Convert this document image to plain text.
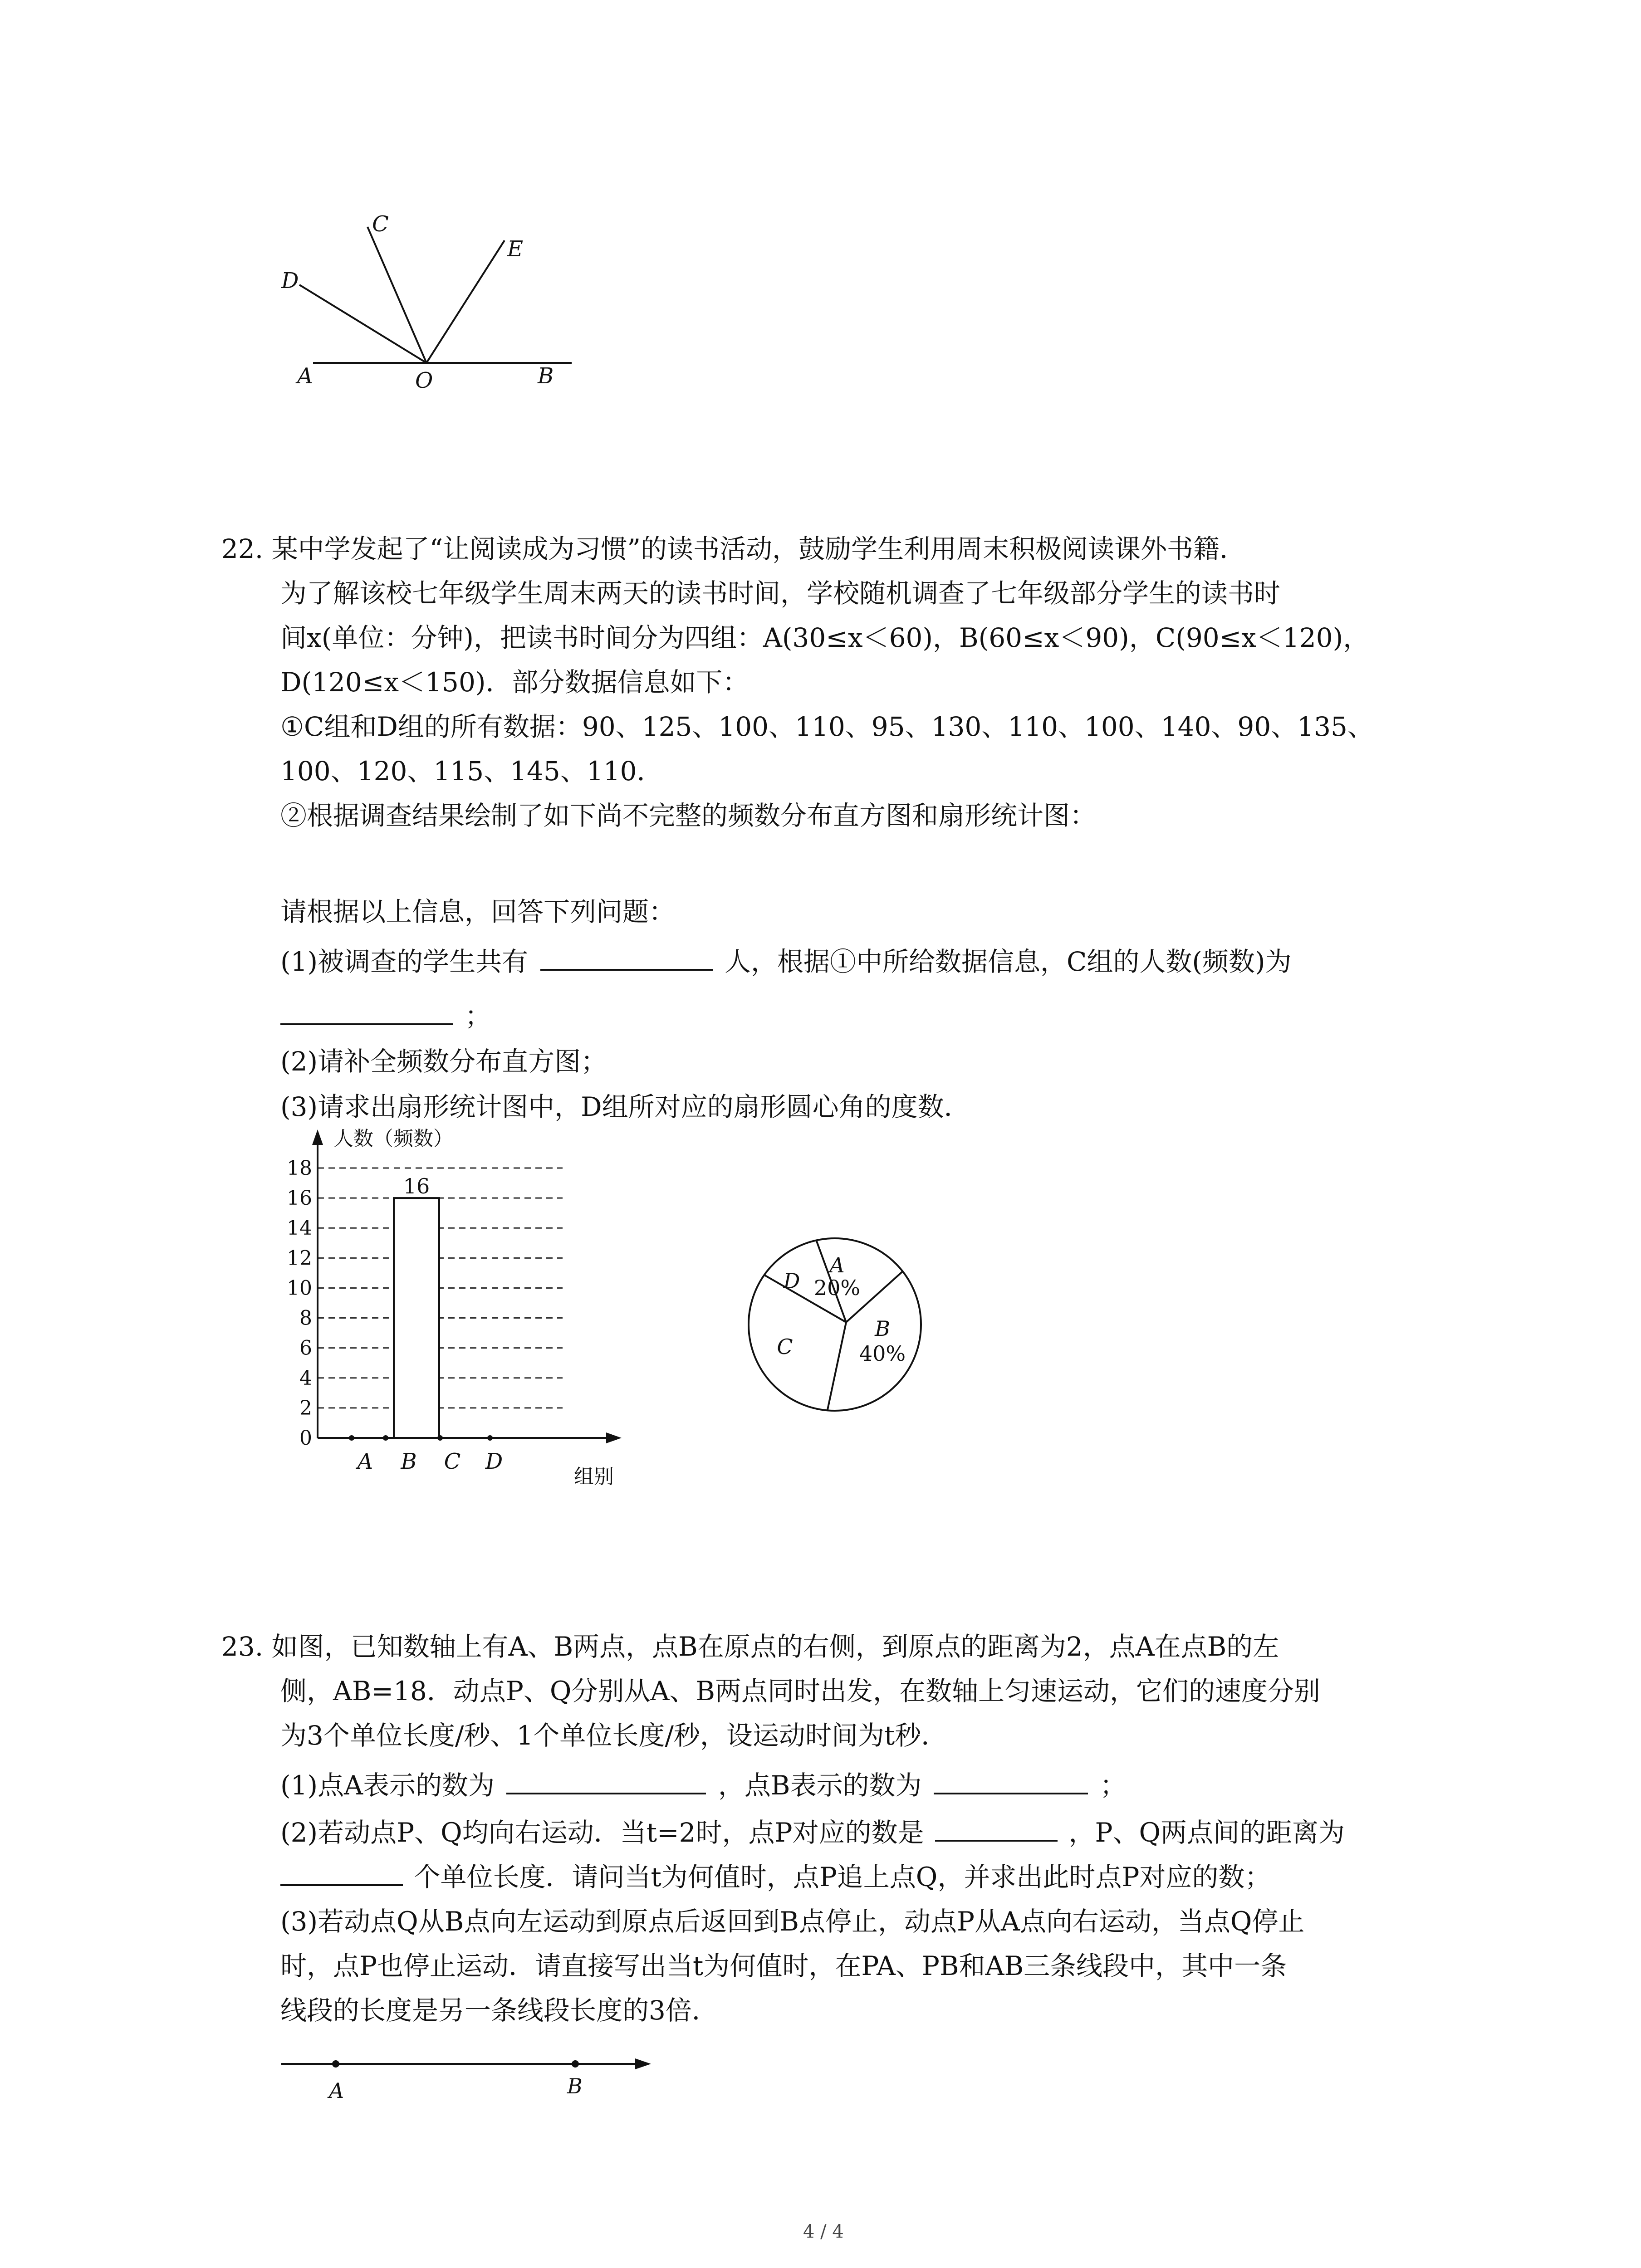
A	O	B
C
D
E
22. 某中学发起了“让阅读成为习惯”的读书活动，鼓励学生利用周末积极阅读课外书籍．
为了解该校七年级学生周末两天的读书时间，学校随机调查了七年级部分学生的读书时
间x(单位：分钟)，把读书时间分为四组：A(30≤x＜60)，B(60≤x＜90)，C(90≤x＜120)，
D(120≤x＜150)．部分数据信息如下：
①C组和D组的所有数据：90、125、100、110、95、130、110、100、140、90、135、
100、120、115、145、110．
②根据调查结果绘制了如下尚不完整的频数分布直方图和扇形统计图：
请根据以上信息，回答下列问题：
(1)被调查的学生共有	人，根据①中所给数据信息，C组的人数(频数)为
；
(2)请补全频数分布直方图；
(3)请求出扇形统计图中，D组所对应的扇形圆心角的度数．
0
2
4
6
8
10
12
14
16
18
16
A B C D
人数（频数）
组别
A
20%
B
40%
C
D
23. 如图，已知数轴上有A、B两点，点B在原点的右侧，到原点的距离为2，点A在点B的左
侧，AB=18．动点P、Q分别从A、B两点同时出发，在数轴上匀速运动，它们的速度分别
为3个单位长度/秒、1个单位长度/秒，设运动时间为t秒．
(1)点A表示的数为	，点B表示的数为	；
(2)若动点P、Q均向右运动．当t=2时，点P对应的数是	，P、Q两点间的距离为
个单位长度．请问当t为何值时，点P追上点Q，并求出此时点P对应的数；
(3)若动点Q从B点向左运动到原点后返回到B点停止，动点P从A点向右运动，当点Q停止
时，点P也停止运动．请直接写出当t为何值时，在PA、PB和AB三条线段中，其中一条
线段的长度是另一条线段长度的3倍．
A	B
4 / 4
